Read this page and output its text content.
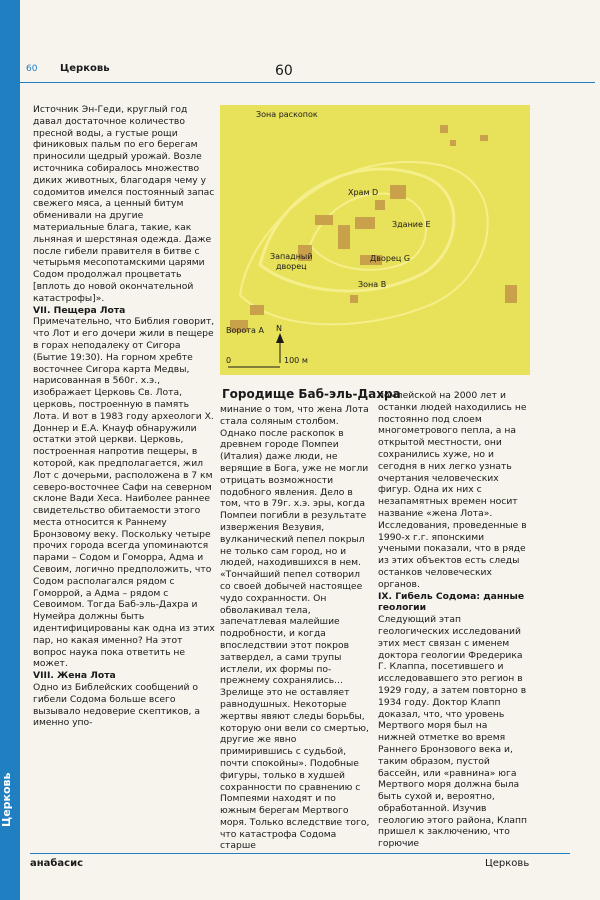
Церковь
60 Церковь	60

Источник Эн-Геди, круглый год давал достаточное количество пресной воды, а густые рощи финиковых пальм по его берегам приносили щедрый урожай. Возле источника собиралось множество диких животных, благодаря чему у содомитов имелся постоянный запас свежего мяса, а ценный битум обменивали на другие материальные блага, такие, как льняная и шерстяная одежда. Даже после гибели правителя в битве с четырьмя месопотамскими царями Содом продолжал процветать [вплоть до новой окончательной катастрофы]».

VII. Пещера Лота

Примечательно, что Библия говорит, что Лот и его дочери жили в пещере в горах неподалеку от Сигора (Бытие 19:30). На горном хребте восточнее Сигора карта Медвы, нарисованная в 560г. х.э., изображает Церковь Св. Лота, церковь, построенную в память Лота. И вот в 1983 году археологи Х. Доннер и Е.А. Кнауф обнаружили остатки этой церкви. Церковь, построенная напротив пещеры, в которой, как предполагается, жил Лот с дочерьми, расположена в 7 км северо-восточнее Сафи на северном склоне Вади Хеса. Наиболее раннее свидетельство обитаемости этого места относится к Раннему Бронзовому веку. Поскольку четыре прочих города всегда упоминаются парами – Содом и Гоморра, Адма и Севоим, логично предположить, что Содом располагался рядом с Гоморрой, а Адма – рядом с Севоимом. Тогда Баб-эль-Дахра и Нумейра должны быть идентифицированы как одна из этих пар, но какая именно? На этот вопрос наука пока ответить не может.

VIII. Жена Лота

Одно из Библейских сообщений о гибели Содома больше всего вызывало недоверие скептиков, а именно упо-

Зона раскопок
Храм D
Здание E
Западный
дворец
Дворец G
Зона B
Ворота A N
0	100 м
Городище Баб-эль-Дахра

минание о том, что жена Лота стала соляным столбом. Однако после раскопок в древнем городе Помпеи (Италия) даже люди, не верящие в Бога, уже не могли отрицать возможности подобного явления. Дело в том, что в 79г. х.э. эры, когда Помпеи погибли в результате извержения Везувия, вулканический пепел покрыл не только сам город, но и людей, находившихся в нем. «Тончайший пепел сотворил со своей добычей настоящее чудо сохранности. Он обволакивал тела, запечатлевая малейшие подробности, и когда впоследствии этот покров затвердел, а сами трупы истлели, их формы по-прежнему сохранялись... Зрелище это не оставляет равнодушных. Некоторые жертвы явяют следы борьбы, которую они вели со смертью, другие же явно примирившись с судьбой, почти спокойны». Подобные фигуры, только в худшей сохранности по сравнению с Помпеями находят и по южным берегам Мертвого моря. Только вследствие того, что катастрофа Содома старше

помпейской на 2000 лет и останки людей находились не постоянно под слоем многометрового пепла, а на открытой местности, они сохранились хуже, но и сегодня в них легко узнать очертания человеческих фигур. Одна их них с незапамятных времен носит название «жена Лота». Исследования, проведенные в 1990-х г.г. японскими учеными показали, что в ряде из этих объектов есть следы останков человеческих органов.

IX. Гибель Содома: данные геологии

Следующий этап геологических исследований этих мест связан с именем доктора геологии Фредерика Г. Клаппа, посетившего и исследовавшего это регион в 1929 году, а затем повторно в 1934 году. Доктор Клапп доказал, что, что уровень Мертвого моря был на нижней отметке во время Раннего Бронзового века и, таким образом, пустой бассейн, или «равнина» юга Мертвого моря должна была быть сухой и, вероятно, обработанной. Изучив геологию этого района, Клапп пришел к заключению, что горючие

анабасис	Церковь
